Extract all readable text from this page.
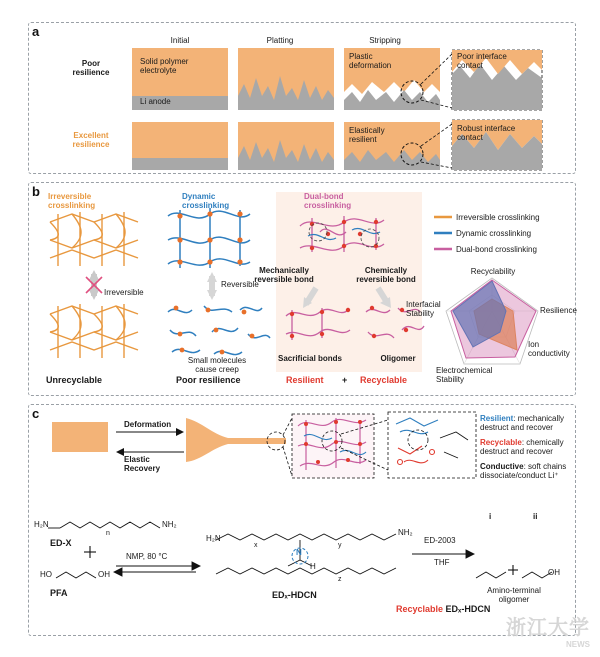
a
Initial	Platting	Stripping
Poor
resilience
Excellent
resilience
Solid polymer
electrolyte
Li anode
Plastic
deformation
Poor interface
contact
Elastically
resilient
Robust interface
contact
b Irreversible
crosslinking
Dynamic
crosslinking
Dual-bond
crosslinking
Irreversible
Reversible
Mechanically
reversible bond
Chemically
reversible bond
Sacrificial bonds	Oligomer
Small molecules
cause creep
Unrecyclable	Poor resilience	Resilient + Recyclable
Irreversible crosslinking
Dynamic crosslinking
Dual-bond crosslinking
Recyclability
Resilience
Ion
conductivity
Electrochemical
Stability
Interfacial
Stability
c
Deformation
Elastic
Recovery
Resilient: mechanically
destruct and recover
Recyclable: chemically
destruct and recover
Conductive: soft chains
dissociate/conduct Li⁺
ED-X
PFA
NMP, 80 °C
EDₓ-HDCN
Recyclable EDₓ-HDCN
ED-2003
THF
i	ii
Amino-terminal
oligomer
H₂N	NH₂
HO	OH
H₂N
NH₂
N
H
OH
n
x	y
z
浙江大学
NEWS
